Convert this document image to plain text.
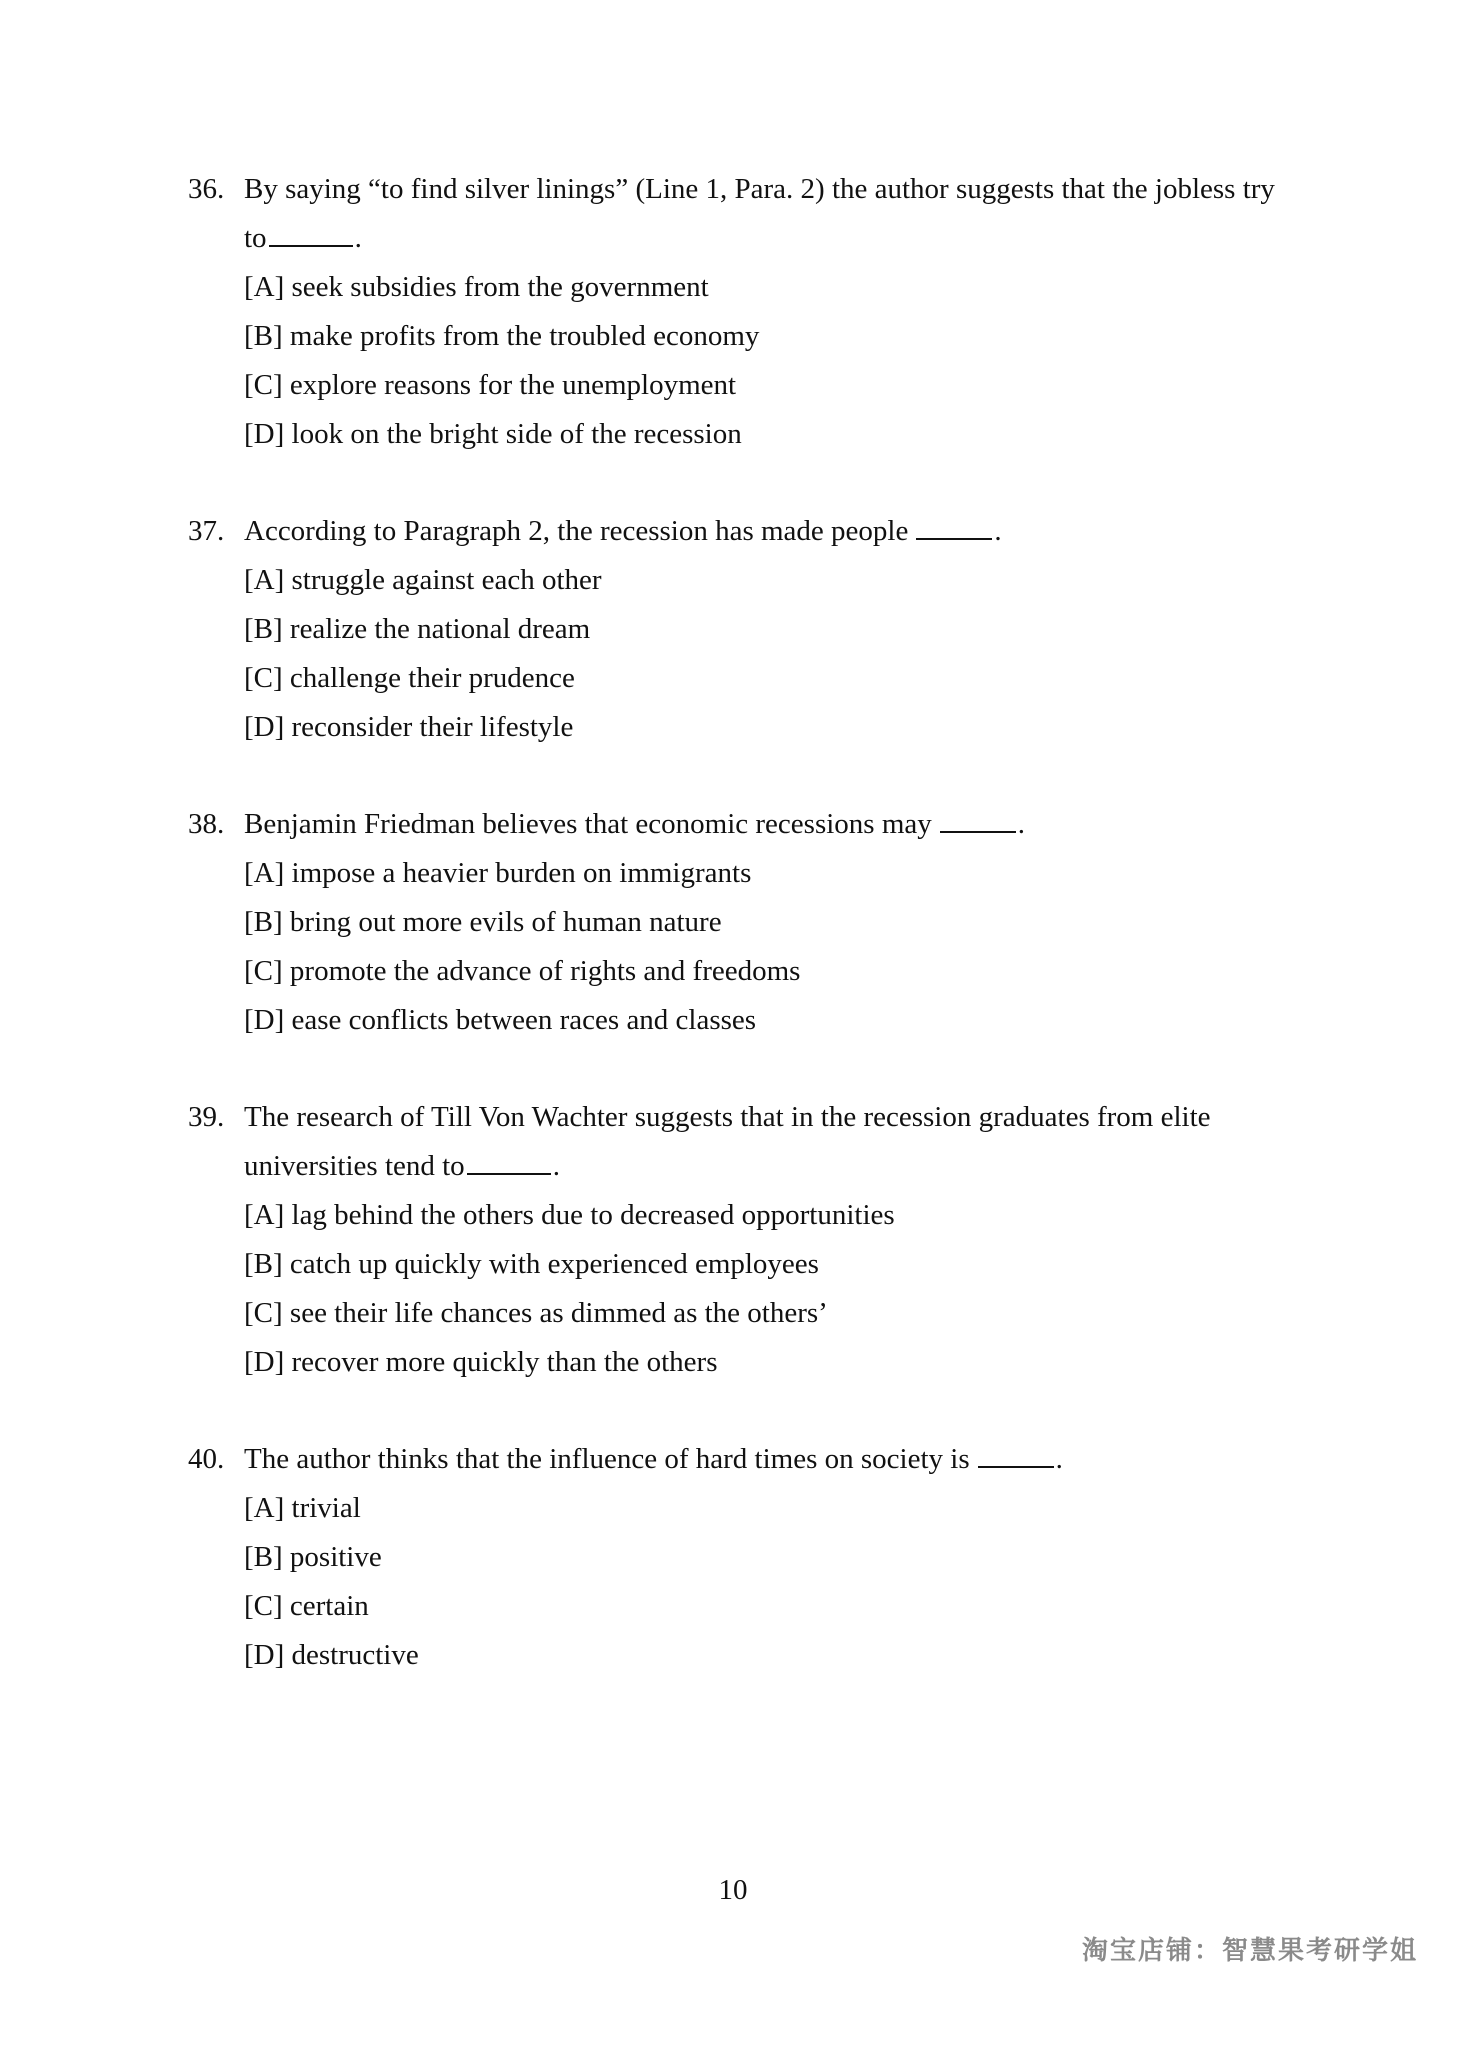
36. By saying “to find silver linings” (Line 1, Para. 2) the author suggests that the jobless try to	.

[A] seek subsidies from the government
[B] make profits from the troubled economy
[C] explore reasons for the unemployment
[D] look on the bright side of the recession

37. According to Paragraph 2, the recession has made people	.

[A] struggle against each other
[B] realize the national dream
[C] challenge their prudence
[D] reconsider their lifestyle

38. Benjamin Friedman believes that economic recessions may	.

[A] impose a heavier burden on immigrants
[B] bring out more evils of human nature
[C] promote the advance of rights and freedoms
[D] ease conflicts between races and classes

39. The research of Till Von Wachter suggests that in the recession graduates from elite universities tend to	.

[A] lag behind the others due to decreased opportunities
[B] catch up quickly with experienced employees
[C] see their life chances as dimmed as the others’
[D] recover more quickly than the others

40. The author thinks that the influence of hard times on society is	.

[A] trivial
[B] positive
[C] certain
[D] destructive
10
淘宝店铺：智慧果考研学姐
